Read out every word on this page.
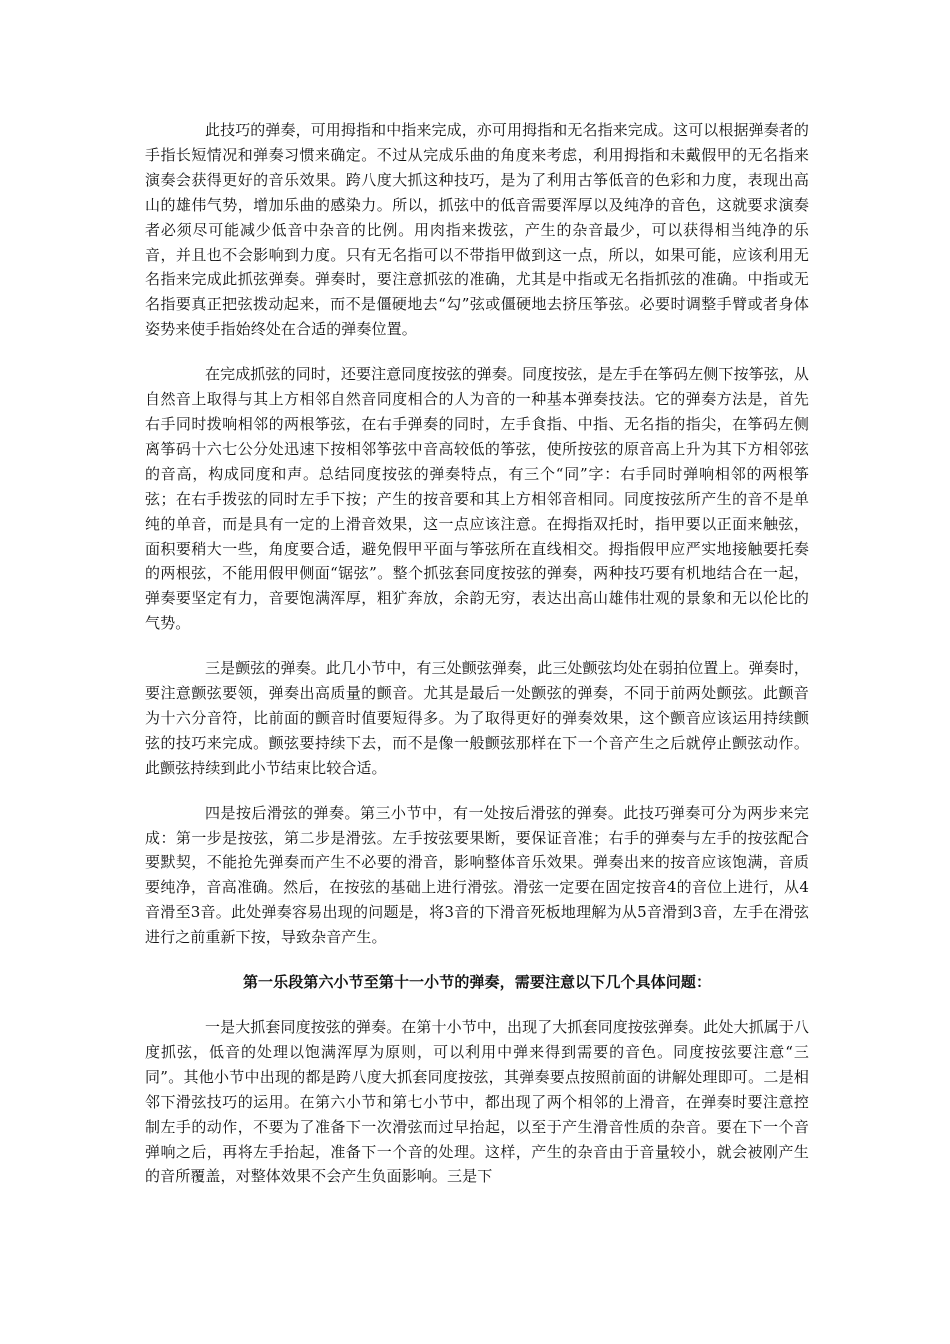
此技巧的弹奏，可用拇指和中指来完成，亦可用拇指和无名指来完成。这可以根据弹奏者的手指长短情况和弹奏习惯来确定。不过从完成乐曲的角度来考虑，利用拇指和未戴假甲的无名指来演奏会获得更好的音乐效果。跨八度大抓这种技巧，是为了利用古筝低音的色彩和力度，表现出高山的雄伟气势，增加乐曲的感染力。所以，抓弦中的低音需要浑厚以及纯净的音色，这就要求演奏者必须尽可能减少低音中杂音的比例。用肉指来拨弦，产生的杂音最少，可以获得相当纯净的乐音，并且也不会影响到力度。只有无名指可以不带指甲做到这一点，所以，如果可能，应该利用无名指来完成此抓弦弹奏。弹奏时，要注意抓弦的准确，尤其是中指或无名指抓弦的准确。中指或无名指要真正把弦拨动起来，而不是僵硬地去“勾”弦或僵硬地去挤压筝弦。必要时调整手臂或者身体姿势来使手指始终处在合适的弹奏位置。

在完成抓弦的同时，还要注意同度按弦的弹奏。同度按弦，是左手在筝码左侧下按筝弦，从自然音上取得与其上方相邻自然音同度相合的人为音的一种基本弹奏技法。它的弹奏方法是，首先右手同时拨响相邻的两根筝弦，在右手弹奏的同时，左手食指、中指、无名指的指尖，在筝码左侧离筝码十六七公分处迅速下按相邻筝弦中音高较低的筝弦，使所按弦的原音高上升为其下方相邻弦的音高，构成同度和声。总结同度按弦的弹奏特点，有三个“同”字：右手同时弹响相邻的两根筝弦；在右手拨弦的同时左手下按；产生的按音要和其上方相邻音相同。同度按弦所产生的音不是单纯的单音，而是具有一定的上滑音效果，这一点应该注意。在拇指双托时，指甲要以正面来触弦，面积要稍大一些，角度要合适，避免假甲平面与筝弦所在直线相交。拇指假甲应严实地接触要托奏的两根弦，不能用假甲侧面“锯弦”。整个抓弦套同度按弦的弹奏，两种技巧要有机地结合在一起，弹奏要坚定有力，音要饱满浑厚，粗犷奔放，余韵无穷，表达出高山雄伟壮观的景象和无以伦比的气势。

三是颤弦的弹奏。此几小节中，有三处颤弦弹奏，此三处颤弦均处在弱拍位置上。弹奏时，要注意颤弦要领，弹奏出高质量的颤音。尤其是最后一处颤弦的弹奏，不同于前两处颤弦。此颤音为十六分音符，比前面的颤音时值要短得多。为了取得更好的弹奏效果，这个颤音应该运用持续颤弦的技巧来完成。颤弦要持续下去，而不是像一般颤弦那样在下一个音产生之后就停止颤弦动作。此颤弦持续到此小节结束比较合适。

四是按后滑弦的弹奏。第三小节中，有一处按后滑弦的弹奏。此技巧弹奏可分为两步来完成：第一步是按弦，第二步是滑弦。左手按弦要果断，要保证音准；右手的弹奏与左手的按弦配合要默契，不能抢先弹奏而产生不必要的滑音，影响整体音乐效果。弹奏出来的按音应该饱满，音质要纯净，音高准确。然后，在按弦的基础上进行滑弦。滑弦一定要在固定按音4的音位上进行，从4音滑至3音。此处弹奏容易出现的问题是，将3音的下滑音死板地理解为从5音滑到3音，左手在滑弦进行之前重新下按，导致杂音产生。

第一乐段第六小节至第十一小节的弹奏，需要注意以下几个具体问题：

一是大抓套同度按弦的弹奏。在第十小节中，出现了大抓套同度按弦弹奏。此处大抓属于八度抓弦，低音的处理以饱满浑厚为原则，可以利用中弹来得到需要的音色。同度按弦要注意“三同”。其他小节中出现的都是跨八度大抓套同度按弦，其弹奏要点按照前面的讲解处理即可。二是相邻下滑弦技巧的运用。在第六小节和第七小节中，都出现了两个相邻的上滑音，在弹奏时要注意控制左手的动作，不要为了准备下一次滑弦而过早抬起，以至于产生滑音性质的杂音。要在下一个音弹响之后，再将左手抬起，准备下一个音的处理。这样，产生的杂音由于音量较小，就会被刚产生的音所覆盖，对整体效果不会产生负面影响。三是下
